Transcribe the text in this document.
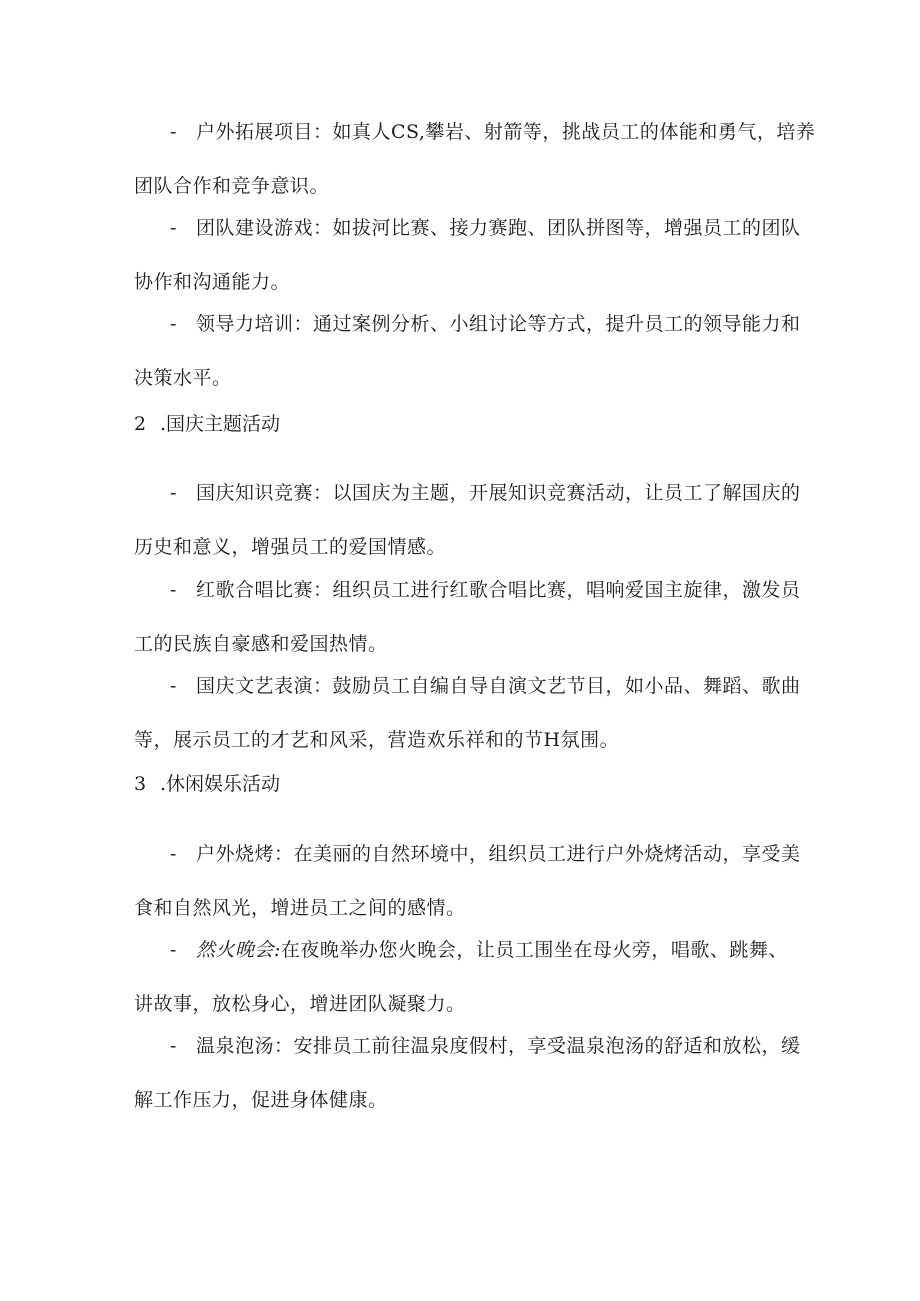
- 户外拓展项目：如真人CS,攀岩、射箭等，挑战员工的体能和勇气，培养
团队合作和竞争意识。

- 团队建设游戏：如拔河比赛、接力赛跑、团队拼图等，增强员工的团队
协作和沟通能力。

- 领导力培训：通过案例分析、小组讨论等方式，提升员工的领导能力和
决策水平。

2 .国庆主题活动

- 国庆知识竞赛：以国庆为主题，开展知识竞赛活动，让员工了解国庆的
历史和意义，增强员工的爱国情感。

- 红歌合唱比赛：组织员工进行红歌合唱比赛，唱响爱国主旋律，激发员
工的民族自豪感和爱国热情。

- 国庆文艺表演：鼓励员工自编自导自演文艺节目，如小品、舞蹈、歌曲
等，展示员工的才艺和风采，营造欢乐祥和的节H氛围。

3 .休闲娱乐活动

- 户外烧烤：在美丽的自然环境中，组织员工进行户外烧烤活动，享受美
食和自然风光，增进员工之间的感情。

- 然火晚会:在夜晚举办您火晚会，让员工围坐在母火旁，唱歌、跳舞、
讲故事，放松身心，增进团队凝聚力。

- 温泉泡汤：安排员工前往温泉度假村，享受温泉泡汤的舒适和放松，缓
解工作压力，促进身体健康。
